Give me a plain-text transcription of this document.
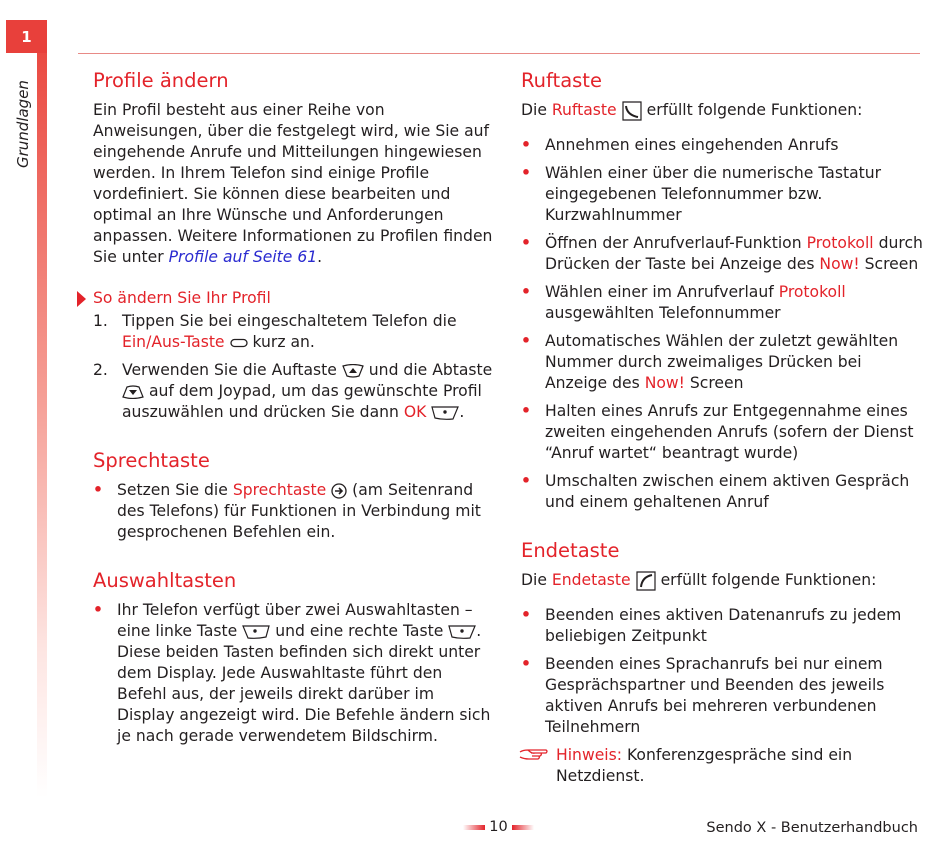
1
Grundlagen	Profile ändern

Ein Profil besteht aus einer Reihe von Anweisungen, über die festgelegt wird, wie Sie auf eingehende Anrufe und Mitteilungen hingewiesen werden. In Ihrem Telefon sind einige Profile vordefiniert. Sie können diese bearbeiten und optimal an Ihre Wünsche und Anforderungen anpassen. Weitere Informationen zu Profilen finden Sie unter Profile auf Seite 61.

So ändern Sie Ihr Profil
1. Tippen Sie bei eingeschaltetem Telefon die Ein/Aus-Taste kurz an.
2. Verwenden Sie die Auftaste und die Abtaste  auf dem Joypad, um das gewünschte Profil auszuwählen und drücken Sie dann OK .
Sprechtaste
• Setzen Sie die Sprechtaste (am Seitenrand des Telefons) für Funktionen in Verbindung mit gesprochenen Befehlen ein.
Auswahltasten
• Ihr Telefon verfügt über zwei Auswahltasten – eine linke Taste und eine rechte Taste . Diese beiden Tasten befinden sich direkt unter dem Display. Jede Auswahltaste führt den Befehl aus, der jeweils direkt darüber im Display angezeigt wird. Die Befehle ändern sich je nach gerade verwendetem Bildschirm.
Ruftaste

Die Ruftaste erfüllt folgende Funktionen:

• Annehmen eines eingehenden Anrufs
• Wählen einer über die numerische Tastatur eingegebenen Telefonnummer bzw. Kurzwahlnummer
• Öffnen der Anrufverlauf-Funktion Protokoll durch Drücken der Taste bei Anzeige des Now! Screen
• Wählen einer im Anrufverlauf Protokoll ausgewählten Telefonnummer
• Automatisches Wählen der zuletzt gewählten Nummer durch zweimaliges Drücken bei Anzeige des Now! Screen
• Halten eines Anrufs zur Entgegennahme eines zweiten eingehenden Anrufs (sofern der Dienst “Anruf wartet“ beantragt wurde)
• Umschalten zwischen einem aktiven Gespräch und einem gehaltenen Anruf
Endetaste

Die Endetaste erfüllt folgende Funktionen:

• Beenden eines aktiven Datenanrufs zu jedem beliebigen Zeitpunkt
• Beenden eines Sprachanrufs bei nur einem Gesprächspartner und Beenden des jeweils aktiven Anrufs bei mehreren verbundenen Teilnehmern

Hinweis: Konferenzgespräche sind ein Netzdienst.

10	Sendo X - Benutzerhandbuch
